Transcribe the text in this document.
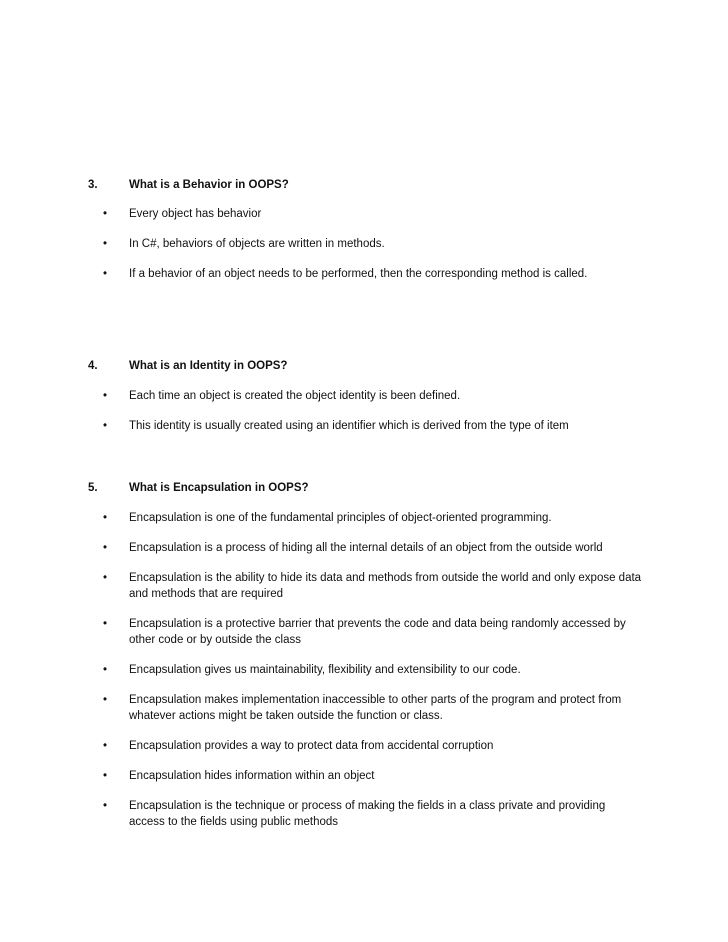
3.	What is a Behavior in OOPS?
• Every object has behavior
• In C#, behaviors of objects are written in methods.
• If a behavior of an object needs to be performed, then the corresponding method is called.
4.	What is an Identity in OOPS?
• Each time an object is created the object identity is been defined.
• This identity is usually created using an identifier which is derived from the type of item
5.	What is Encapsulation in OOPS?
• Encapsulation is one of the fundamental principles of object-oriented programming.
• Encapsulation is a process of hiding all the internal details of an object from the outside world
• Encapsulation is the ability to hide its data and methods from outside the world and only expose data and methods that are required
• Encapsulation is a protective barrier that prevents the code and data being randomly accessed by other code or by outside the class
• Encapsulation gives us maintainability, flexibility and extensibility to our code.
• Encapsulation makes implementation inaccessible to other parts of the program and protect from whatever actions might be taken outside the function or class.
• Encapsulation provides a way to protect data from accidental corruption
• Encapsulation hides information within an object
• Encapsulation is the technique or process of making the fields in a class private and providing access to the fields using public methods
